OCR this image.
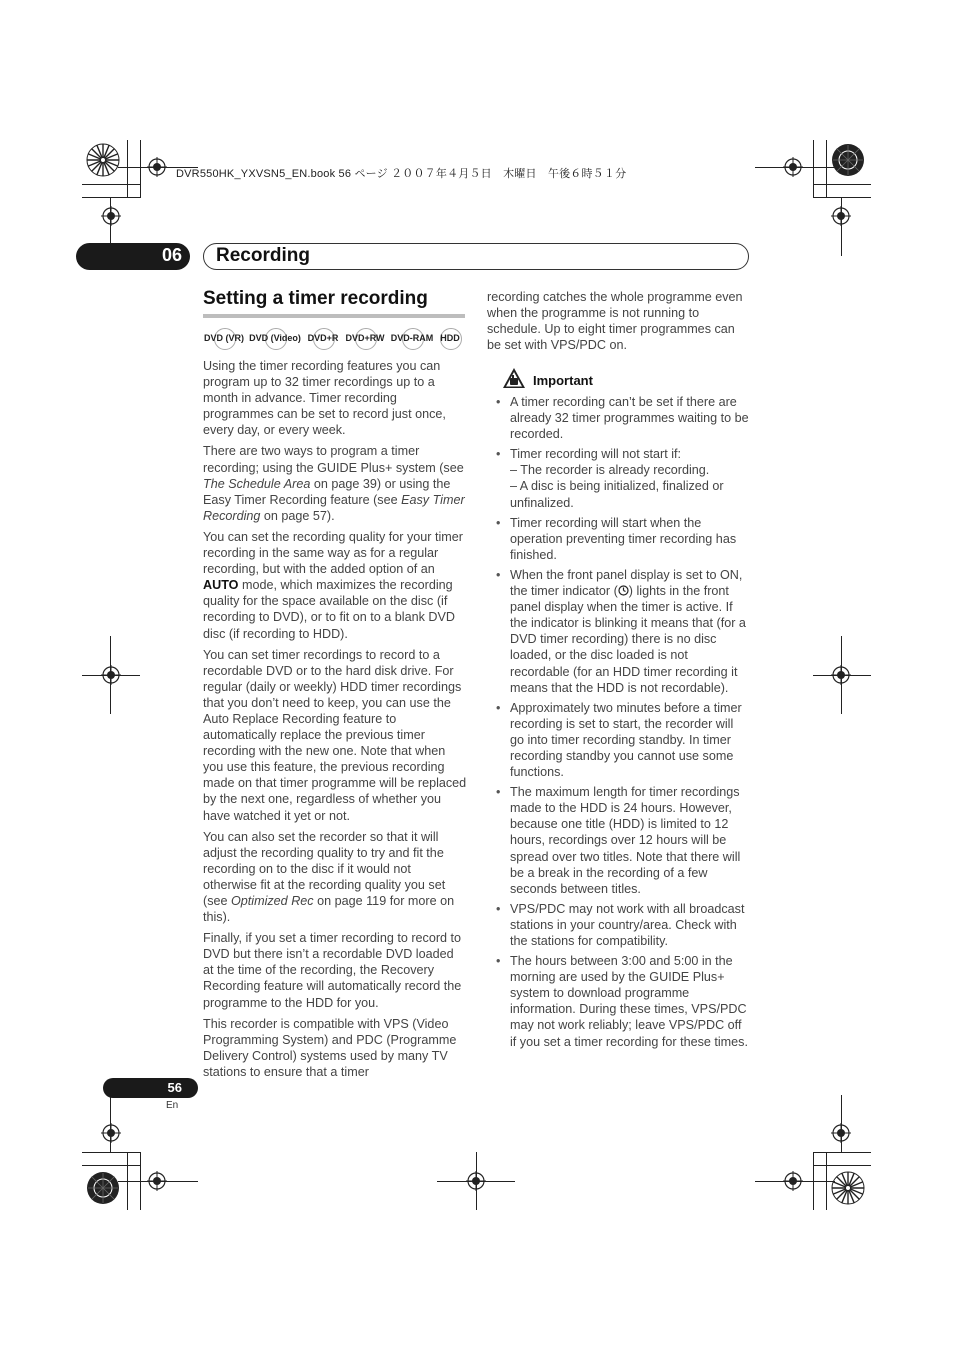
DVR550HK_YXVSN5_EN.book 56 ページ ２００７年４月５日　木曜日　午後６時５１分
06 Recording
Setting a timer recording
DVD (VR) DVD (Video) DVD+R DVD+RW DVD-RAM HDD

Using the timer recording features you can program up to 32 timer recordings up to a month in advance. Timer recording programmes can be set to record just once, every day, or every week.

There are two ways to program a timer recording; using the GUIDE Plus+ system (see The Schedule Area on page 39) or using the Easy Timer Recording feature (see Easy Timer Recording on page 57).

You can set the recording quality for your timer recording in the same way as for a regular recording, but with the added option of an AUTO mode, which maximizes the recording quality for the space available on the disc (if recording to DVD), or to fit on to a blank DVD disc (if recording to HDD).

You can set timer recordings to record to a recordable DVD or to the hard disk drive. For regular (daily or weekly) HDD timer recordings that you don’t need to keep, you can use the Auto Replace Recording feature to automatically replace the previous timer recording with the new one. Note that when you use this feature, the previous recording made on that timer programme will be replaced by the next one, regardless of whether you have watched it yet or not.

You can also set the recorder so that it will adjust the recording quality to try and fit the recording on to the disc if it would not otherwise fit at the recording quality you set (see Optimized Rec on page 119 for more on this).

Finally, if you set a timer recording to record to DVD but there isn’t a recordable DVD loaded at the time of the recording, the Recovery Recording feature will automatically record the programme to the HDD for you.

This recorder is compatible with VPS (Video Programming System) and PDC (Programme Delivery Control) systems used by many TV stations to ensure that a timer

recording catches the whole programme even when the programme is not running to schedule. Up to eight timer programmes can be set with VPS/PDC on.

Important
• A timer recording can’t be set if there are already 32 timer programmes waiting to be recorded.
• Timer recording will not start if:
– The recorder is already recording.
– A disc is being initialized, finalized or unfinalized.
• Timer recording will start when the operation preventing timer recording has finished.
• When the front panel display is set to ON, the timer indicator ( ) lights in the front panel display when the timer is active. If the indicator is blinking it means that (for a DVD timer recording) there is no disc loaded, or the disc loaded is not recordable (for an HDD timer recording it means that the HDD is not recordable).
• Approximately two minutes before a timer recording is set to start, the recorder will go into timer recording standby. In timer recording standby you cannot use some functions.
• The maximum length for timer recordings made to the HDD is 24 hours. However, because one title (HDD) is limited to 12 hours, recordings over 12 hours will be spread over two titles. Note that there will be a break in the recording of a few seconds between titles.
• VPS/PDC may not work with all broadcast stations in your country/area. Check with the stations for compatibility.
• The hours between 3:00 and 5:00 in the morning are used by the GUIDE Plus+ system to download programme information. During these times, VPS/PDC may not work reliably; leave VPS/PDC off if you set a timer recording for these times.
56
En
